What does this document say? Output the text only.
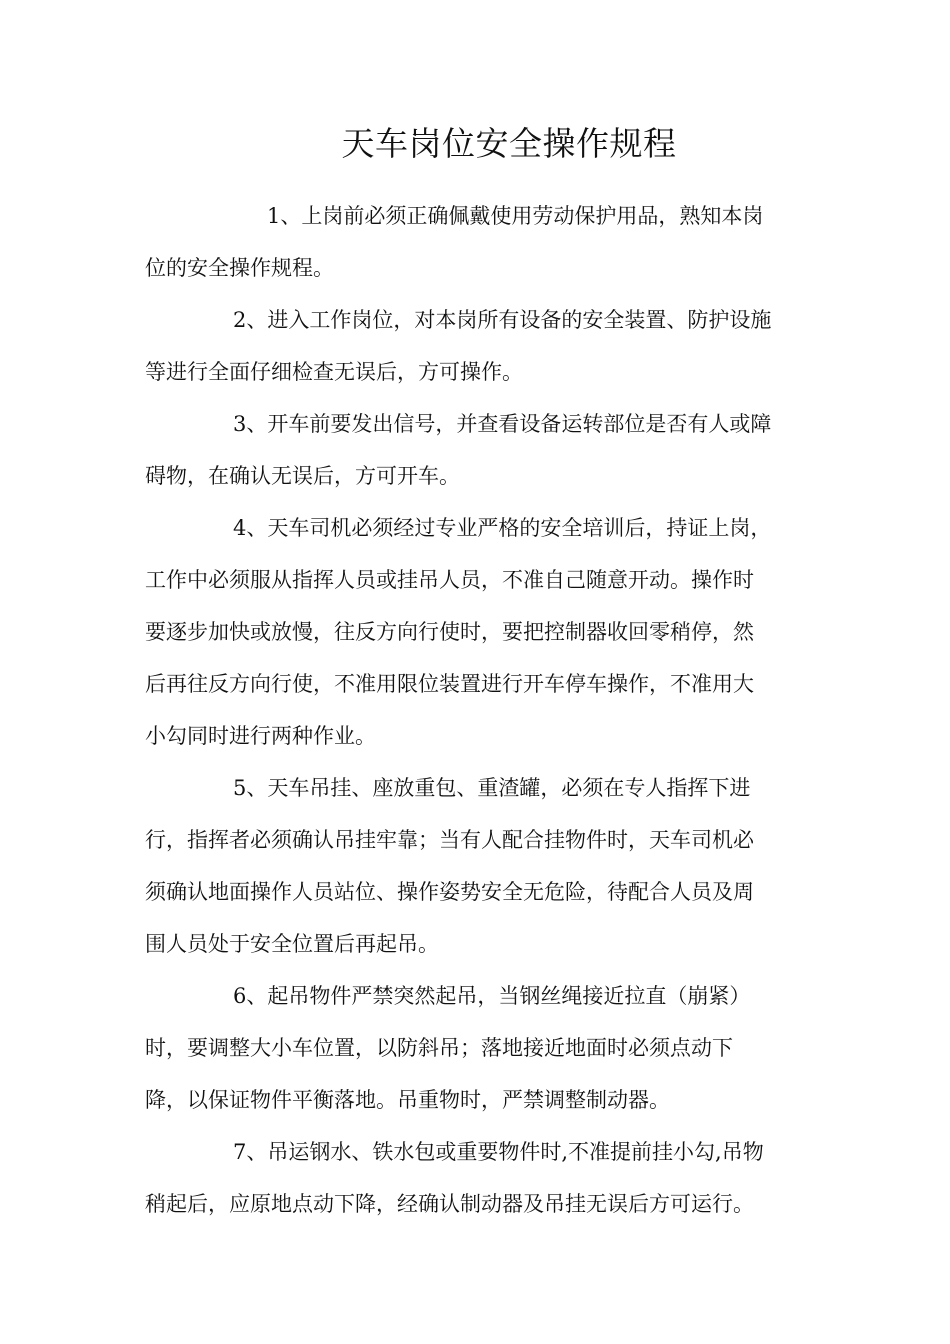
天车岗位安全操作规程
1、上岗前必须正确佩戴使用劳动保护用品，熟知本岗
位的安全操作规程。
2、进入工作岗位，对本岗所有设备的安全装置、防护设施
等进行全面仔细检查无误后，方可操作。
3、开车前要发出信号，并查看设备运转部位是否有人或障
碍物，在确认无误后，方可开车。
4、天车司机必须经过专业严格的安全培训后，持证上岗，
工作中必须服从指挥人员或挂吊人员，不准自己随意开动。操作时
要逐步加快或放慢，往反方向行使时，要把控制器收回零稍停，然
后再往反方向行使，不准用限位装置进行开车停车操作，不准用大
小勾同时进行两种作业。
5、天车吊挂、座放重包、重渣罐，必须在专人指挥下进
行，指挥者必须确认吊挂牢靠；当有人配合挂物件时，天车司机必
须确认地面操作人员站位、操作姿势安全无危险，待配合人员及周
围人员处于安全位置后再起吊。
6、起吊物件严禁突然起吊，当钢丝绳接近拉直（崩紧）
时，要调整大小车位置，以防斜吊；落地接近地面时必须点动下
降，以保证物件平衡落地。吊重物时，严禁调整制动器。
7、吊运钢水、铁水包或重要物件时,不准提前挂小勾,吊物
稍起后，应原地点动下降，经确认制动器及吊挂无误后方可运行。
